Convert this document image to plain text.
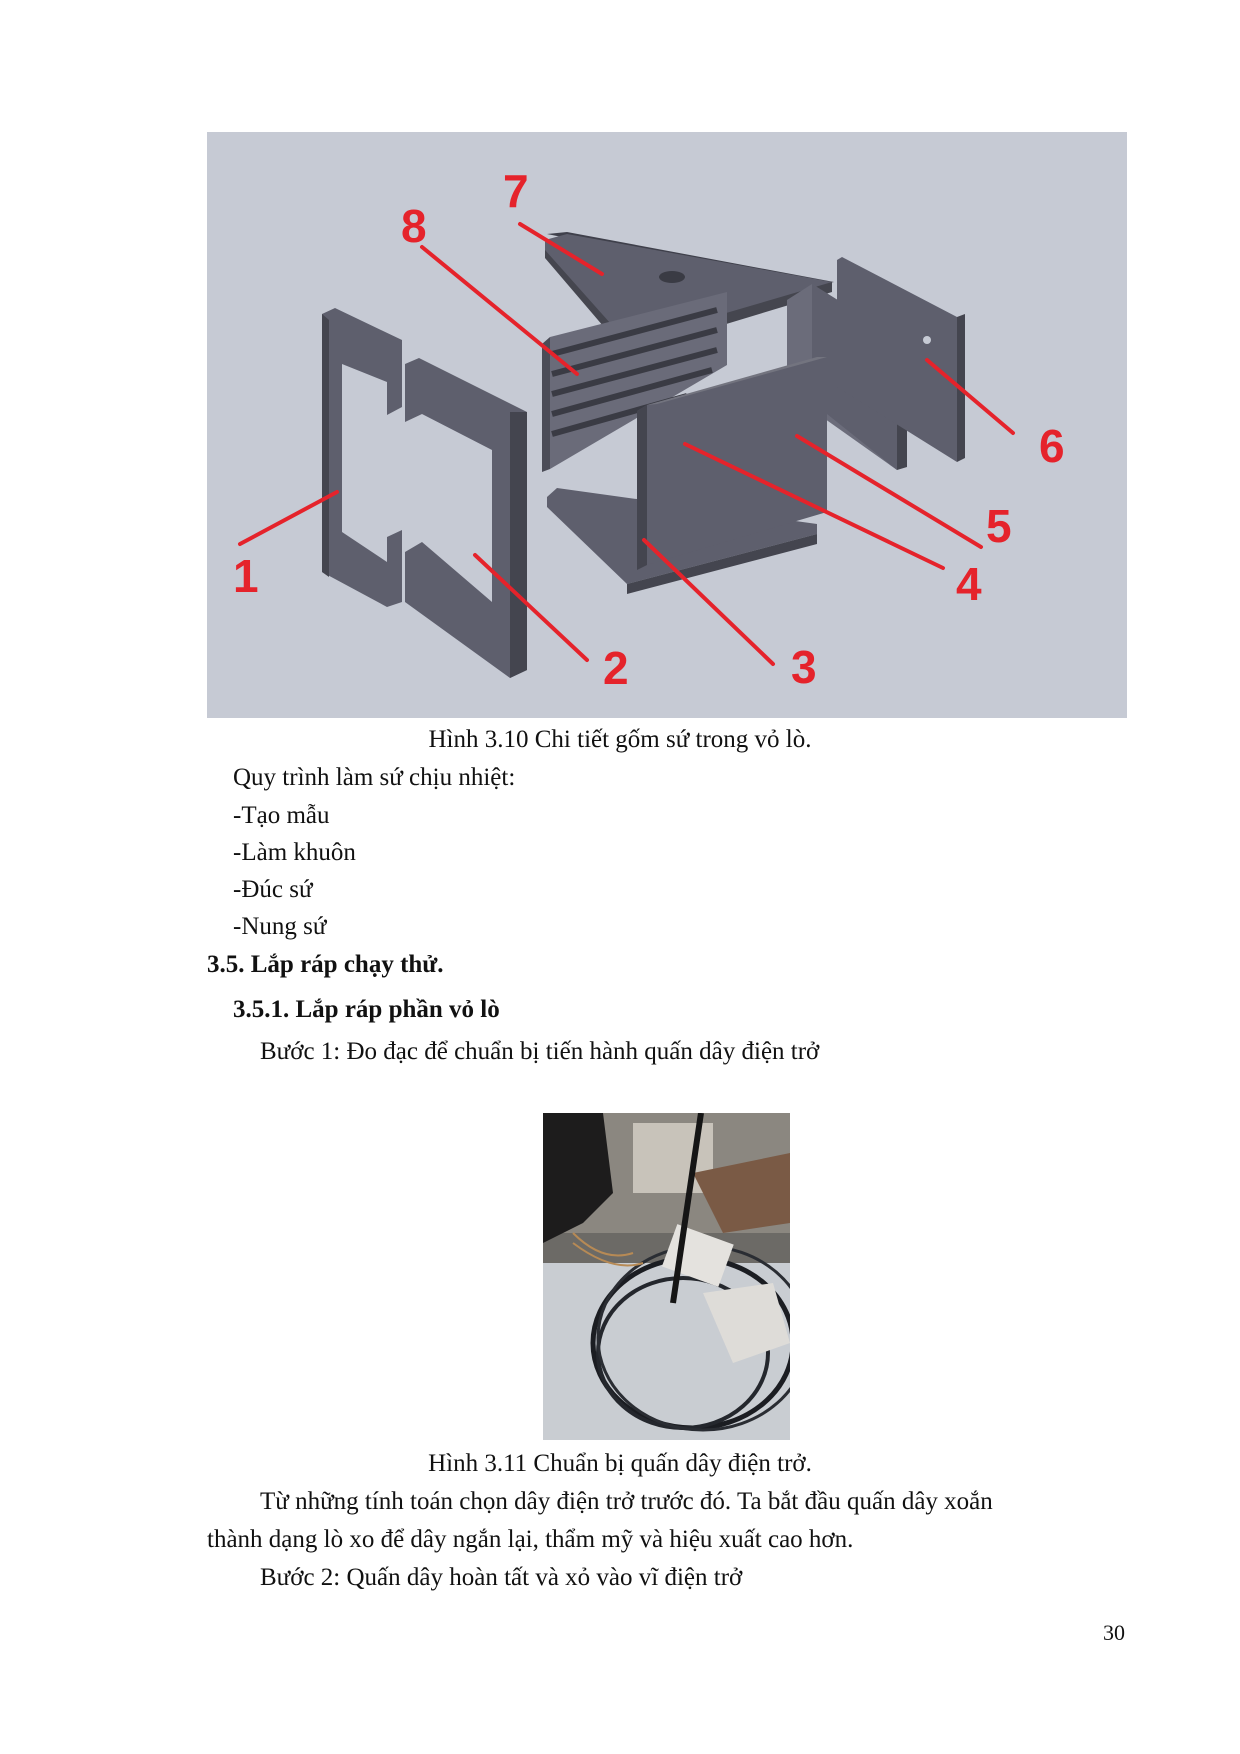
1
2	3
4
5
6
7
8
Hình 3.10 Chi tiết gốm sứ trong vỏ lò.
Quy trình làm sứ chịu nhiệt:
-Tạo mẫu
-Làm khuôn
-Đúc sứ
-Nung sứ
3.5. Lắp ráp chạy thử.
3.5.1. Lắp ráp phần vỏ lò
Bước 1: Đo đạc để chuẩn bị tiến hành quấn dây điện trở
Hình 3.11 Chuẩn bị quấn dây điện trở.
Từ những tính toán chọn dây điện trở trước đó. Ta bắt đầu quấn dây xoắn
thành dạng lò xo để dây ngắn lại, thẩm mỹ và hiệu xuất cao hơn.
Bước 2: Quấn dây hoàn tất và xỏ vào vĩ điện trở
30
